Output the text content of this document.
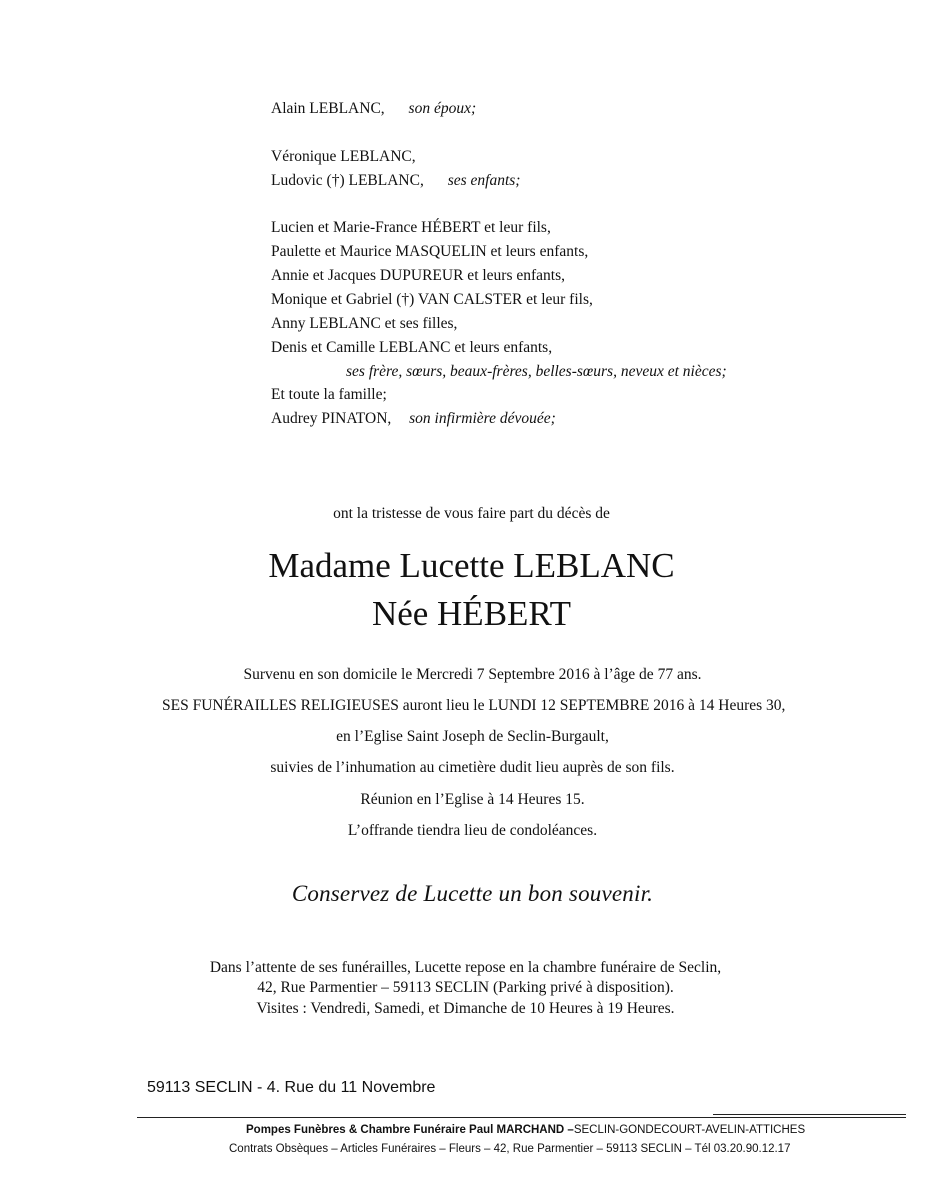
Alain LEBLANC, son époux;
Véronique LEBLANC,
Ludovic (†) LEBLANC, ses enfants;
Lucien et Marie-France HÉBERT et leur fils,
Paulette et Maurice MASQUELIN et leurs enfants,
Annie et Jacques DUPUREUR et leurs enfants,
Monique et Gabriel (†) VAN CALSTER et leur fils,
Anny LEBLANC et ses filles,
Denis et Camille LEBLANC et leurs enfants,
ses frère, sœurs, beaux-frères, belles-sœurs, neveux et nièces;
Et toute la famille;
Audrey PINATON, son infirmière dévouée;
ont la tristesse de vous faire part du décès de
Madame Lucette LEBLANC
Née HÉBERT
Survenu en son domicile le Mercredi 7 Septembre 2016 à l’âge de 77 ans.
SES FUNÉRAILLES RELIGIEUSES auront lieu le LUNDI 12 SEPTEMBRE 2016 à 14 Heures 30,
en l’Eglise Saint Joseph de Seclin-Burgault,
suivies de l’inhumation au cimetière dudit lieu auprès de son fils.
Réunion en l’Eglise à 14 Heures 15.
L’offrande tiendra lieu de condoléances.
Conservez de Lucette un bon souvenir.
Dans l’attente de ses funérailles, Lucette repose en la chambre funéraire de Seclin,
42, Rue Parmentier – 59113 SECLIN (Parking privé à disposition).
Visites : Vendredi, Samedi, et Dimanche de 10 Heures à 19 Heures.
59113 SECLIN - 4. Rue du 11 Novembre
Pompes Funèbres & Chambre Funéraire Paul MARCHAND –SECLIN-GONDECOURT-AVELIN-ATTICHES
Contrats Obsèques – Articles Funéraires – Fleurs – 42, Rue Parmentier – 59113 SECLIN – Tél 03.20.90.12.17
